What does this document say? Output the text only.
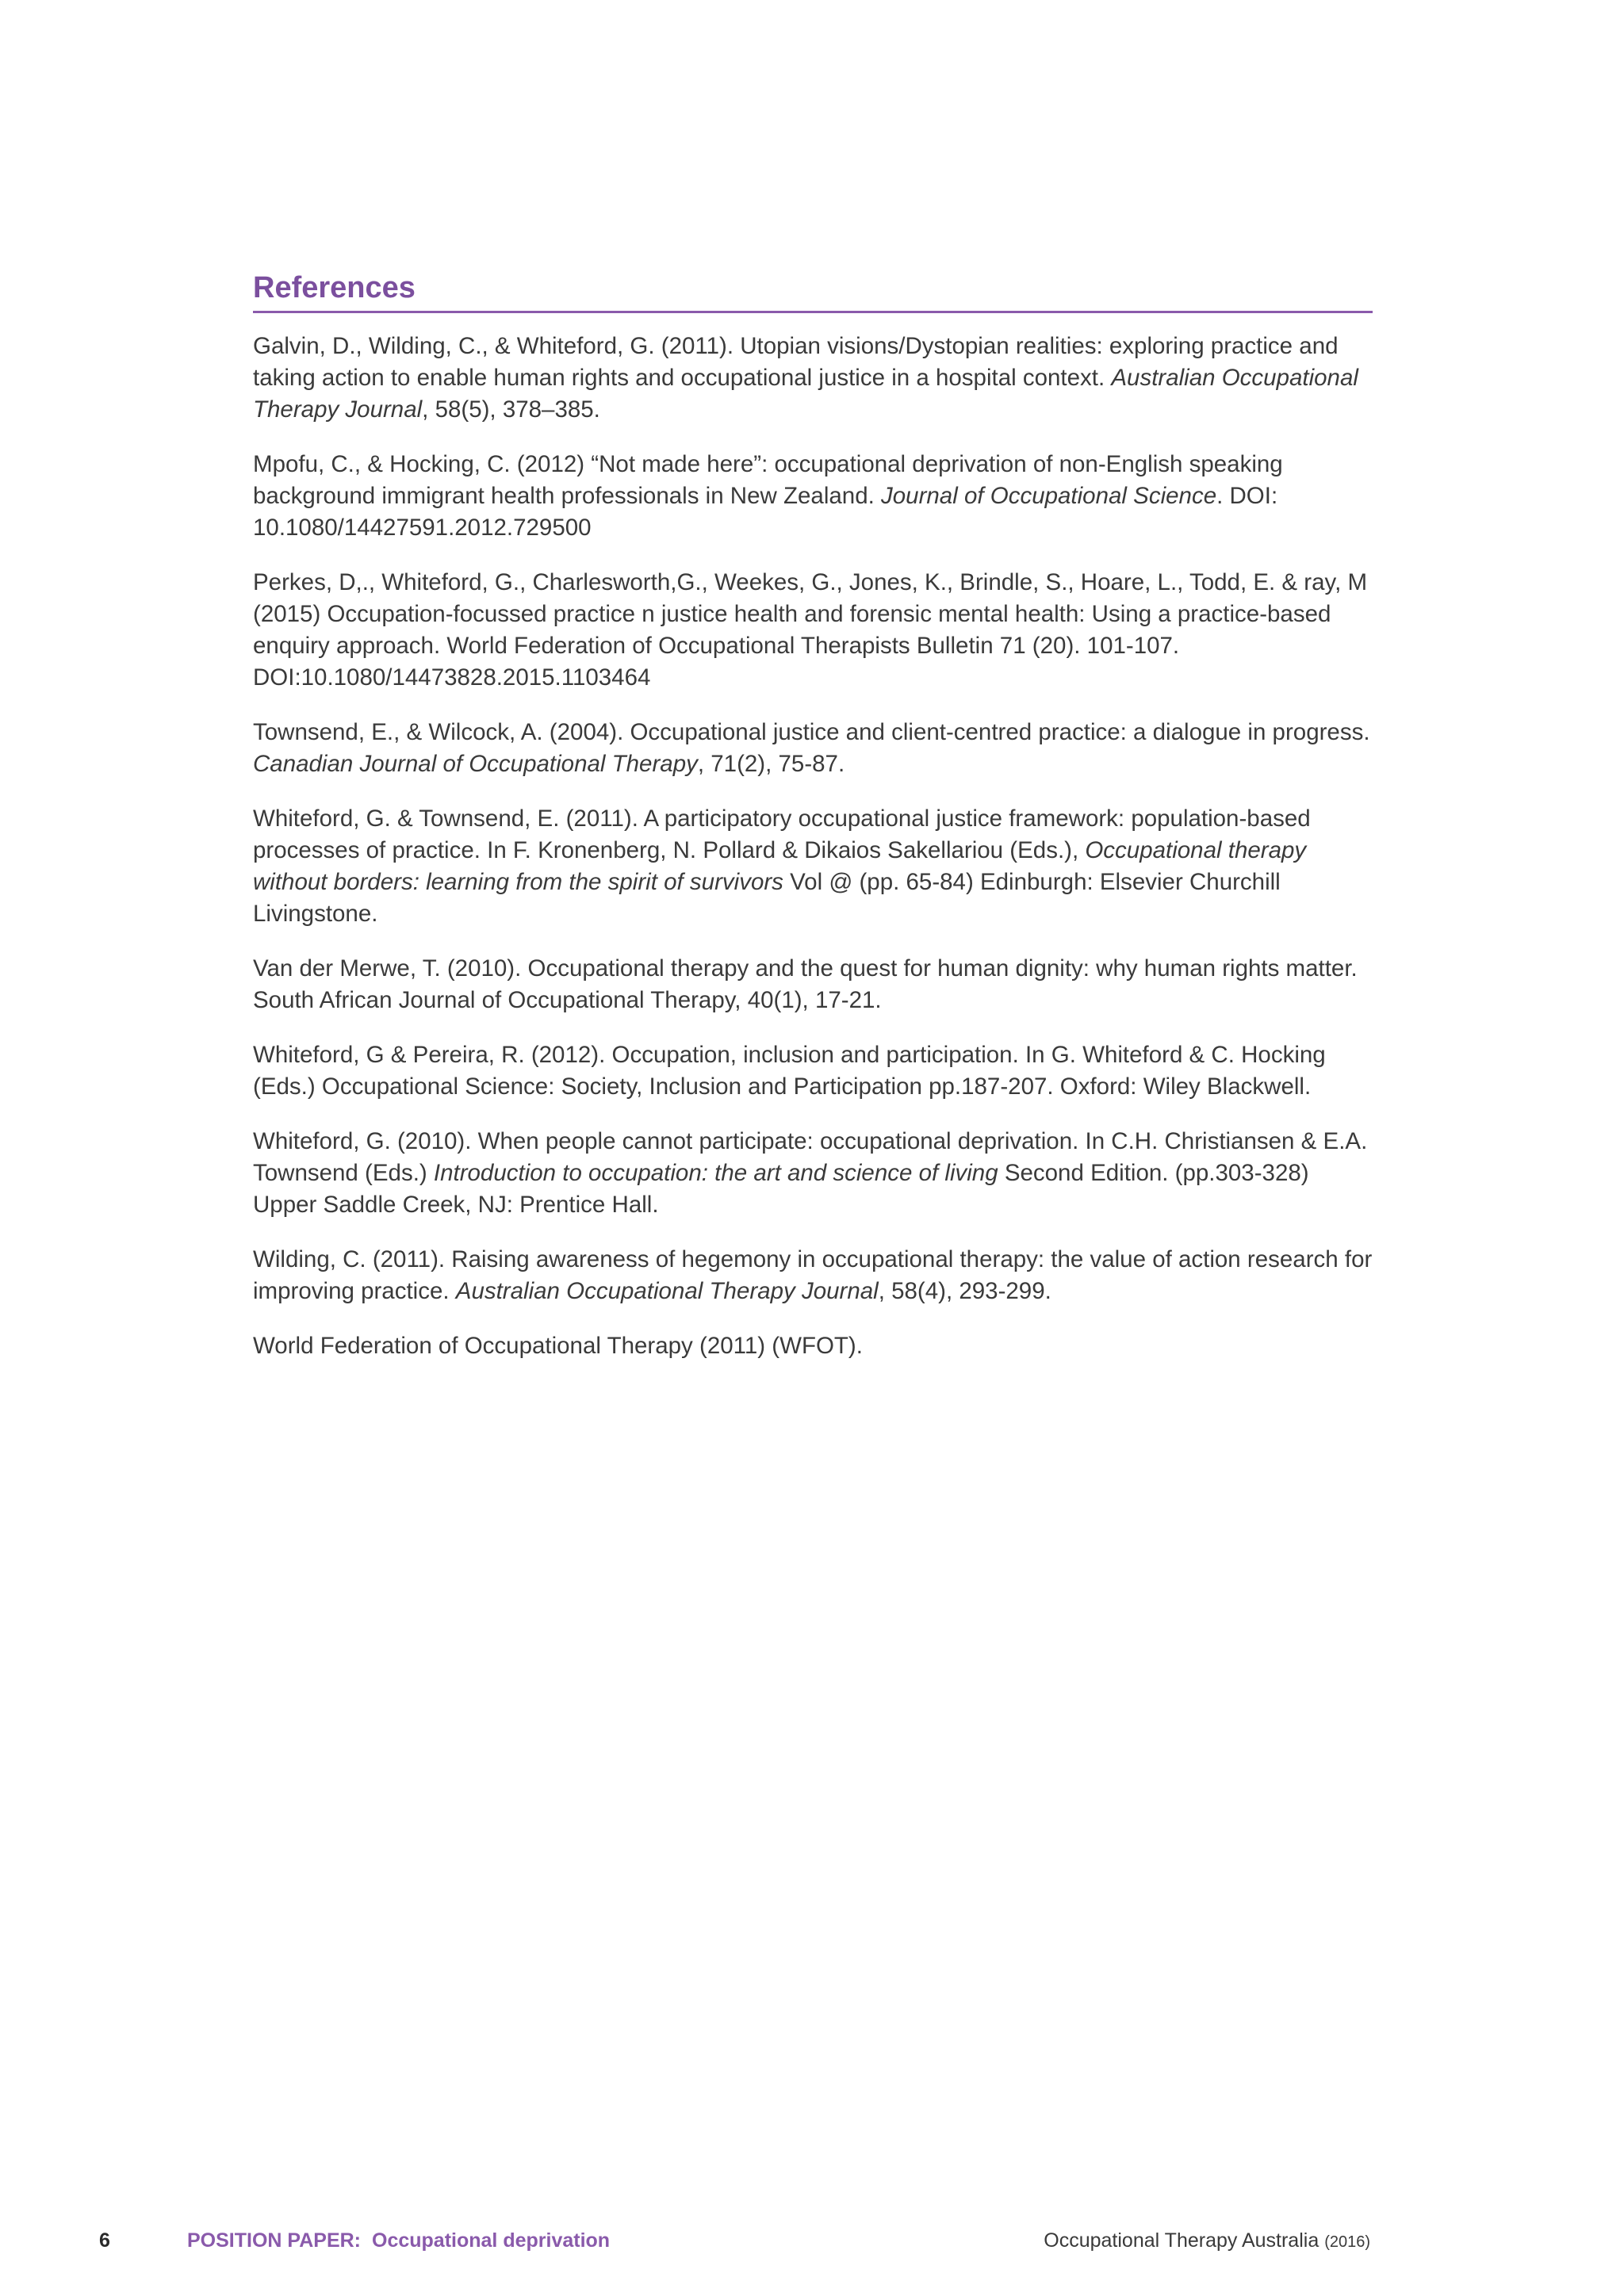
References
Galvin, D., Wilding, C., & Whiteford, G. (2011). Utopian visions/Dystopian realities: exploring practice and taking action to enable human rights and occupational justice in a hospital context. Australian Occupational Therapy Journal, 58(5), 378–385.
Mpofu, C., & Hocking, C. (2012) “Not made here”: occupational deprivation of non-English speaking background immigrant health professionals in New Zealand. Journal of Occupational Science. DOI: 10.1080/14427591.2012.729500
Perkes, D,., Whiteford, G., Charlesworth,G., Weekes, G., Jones, K., Brindle, S., Hoare, L., Todd, E. & ray, M (2015) Occupation-focussed practice n justice health and forensic mental health: Using a practice-based enquiry approach. World Federation of Occupational Therapists Bulletin 71 (20). 101-107. DOI:10.1080/14473828.2015.1103464
Townsend, E., & Wilcock, A. (2004). Occupational justice and client-centred practice: a dialogue in progress. Canadian Journal of Occupational Therapy, 71(2), 75-87.
Whiteford, G. & Townsend, E. (2011). A participatory occupational justice framework: population-based processes of practice. In F. Kronenberg, N. Pollard & Dikaios Sakellariou (Eds.), Occupational therapy without borders: learning from the spirit of survivors Vol @ (pp. 65-84) Edinburgh: Elsevier Churchill Livingstone.
Van der Merwe, T. (2010). Occupational therapy and the quest for human dignity: why human rights matter. South African Journal of Occupational Therapy, 40(1), 17-21.
Whiteford, G & Pereira, R. (2012). Occupation, inclusion and participation. In G. Whiteford & C. Hocking (Eds.) Occupational Science: Society, Inclusion and Participation pp.187-207. Oxford: Wiley Blackwell.
Whiteford, G. (2010). When people cannot participate: occupational deprivation. In C.H. Christiansen & E.A. Townsend (Eds.) Introduction to occupation: the art and science of living Second Edition. (pp.303-328) Upper Saddle Creek, NJ: Prentice Hall.
Wilding, C. (2011). Raising awareness of hegemony in occupational therapy: the value of action research for improving practice. Australian Occupational Therapy Journal, 58(4), 293-299.
World Federation of Occupational Therapy (2011) (WFOT).
6	POSITION PAPER: Occupational deprivation	Occupational Therapy Australia (2016)
